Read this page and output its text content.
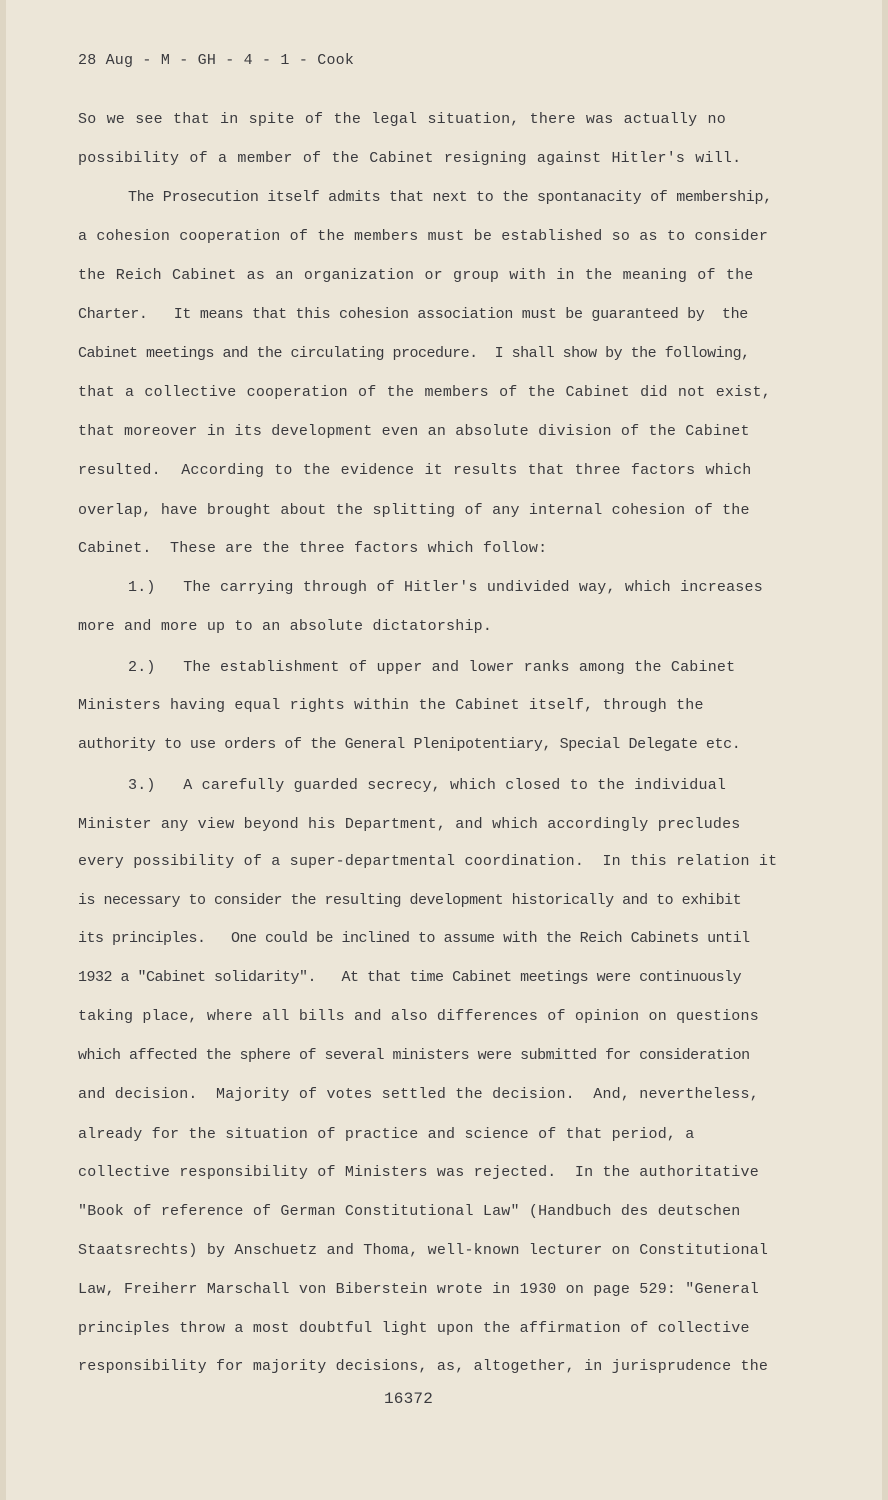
28 Aug - M - GH - 4 - 1 - Cook
So we see that in spite of the legal situation, there was actually no
possibility of a member of the Cabinet resigning against Hitler's will.
The Prosecution itself admits that next to the spontanacity of membership,
a cohesion cooperation of the members must be established so as to consider
the Reich Cabinet as an organization or group with in the meaning of the
Charter.   It means that this cohesion association must be guaranteed by  the
Cabinet meetings and the circulating procedure.  I shall show by the following,
that a collective cooperation of the members of the Cabinet did not exist,
that moreover in its development even an absolute division of the Cabinet
resulted.  According to the evidence it results that three factors which
overlap, have brought about the splitting of any internal cohesion of the
Cabinet.  These are the three factors which follow:
1.)   The carrying through of Hitler's undivided way, which increases
more and more up to an absolute dictatorship.
2.)   The establishment of upper and lower ranks among the Cabinet
Ministers having equal rights within the Cabinet itself, through the
authority to use orders of the General Plenipotentiary, Special Delegate etc.
3.)   A carefully guarded secrecy, which closed to the individual
Minister any view beyond his Department, and which accordingly precludes
every possibility of a super-departmental coordination.  In this relation it
is necessary to consider the resulting development historically and to exhibit
its principles.   One could be inclined to assume with the Reich Cabinets until
1932 a "Cabinet solidarity".   At that time Cabinet meetings were continuously
taking place, where all bills and also differences of opinion on questions
which affected the sphere of several ministers were submitted for consideration
and decision.  Majority of votes settled the decision.  And, nevertheless,
already for the situation of practice and science of that period, a
collective responsibility of Ministers was rejected.  In the authoritative
"Book of reference of German Constitutional Law" (Handbuch des deutschen
Staatsrechts) by Anschuetz and Thoma, well-known lecturer on Constitutional
Law, Freiherr Marschall von Biberstein wrote in 1930 on page 529: "General
principles throw a most doubtful light upon the affirmation of collective
responsibility for majority decisions, as, altogether, in jurisprudence the
16372
